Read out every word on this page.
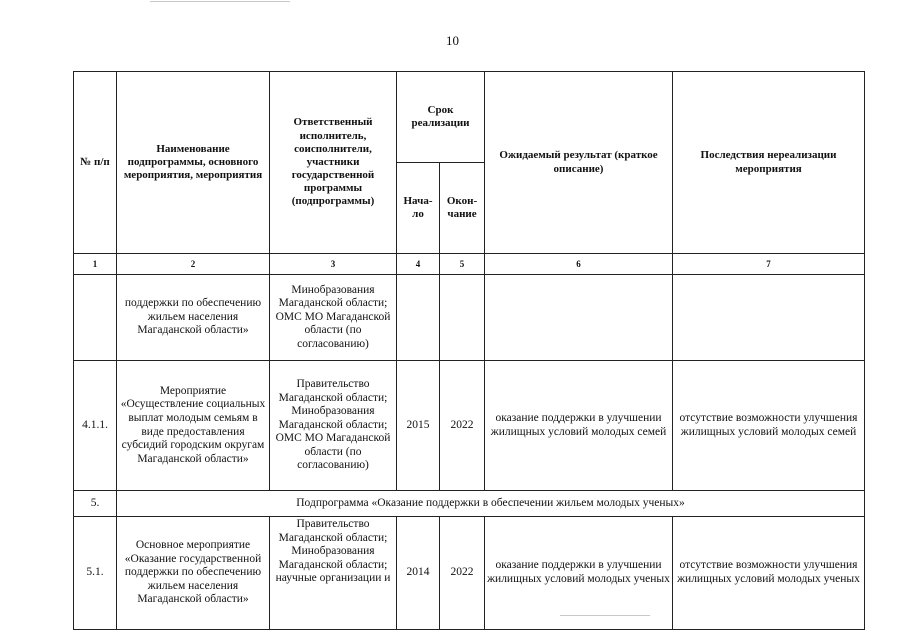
10
№ п/п	Наименование подпрограммы, основного мероприятия, мероприятия	Ответственный исполнитель, соисполнители, участники государственной программы (подпрограммы)	Срок реализации		Ожидаемый результат (краткое описание)	Последствия нереализации мероприятия
			Нача-ло	Окон-чание		
1	2	3	4	5	6	7
	поддержки по обеспечению жильем населения Магаданской области»	Минобразования Магаданской области; ОМС МО Магаданской области (по согласованию)				
4.1.1.	Мероприятие «Осуществление социальных выплат молодым семьям в виде предоставления субсидий городским округам Магаданской области»	Правительство Магаданской области; Минобразования Магаданской области; ОМС МО Магаданской области (по согласованию)	2015	2022	оказание поддержки в улучшении жилищных условий молодых семей	отсутствие возможности улучшения жилищных условий молодых семей
5.	Подпрограмма «Оказание поддержки в обеспечении жильем молодых ученых»					
5.1.	Основное мероприятие «Оказание государственной поддержки по обеспечению жильем населения Магаданской области»	Правительство Магаданской области; Минобразования Магаданской области; научные организации и	2014	2022	оказание поддержки в улучшении жилищных условий молодых ученых	отсутствие возможности улучшения жилищных условий молодых ученых
